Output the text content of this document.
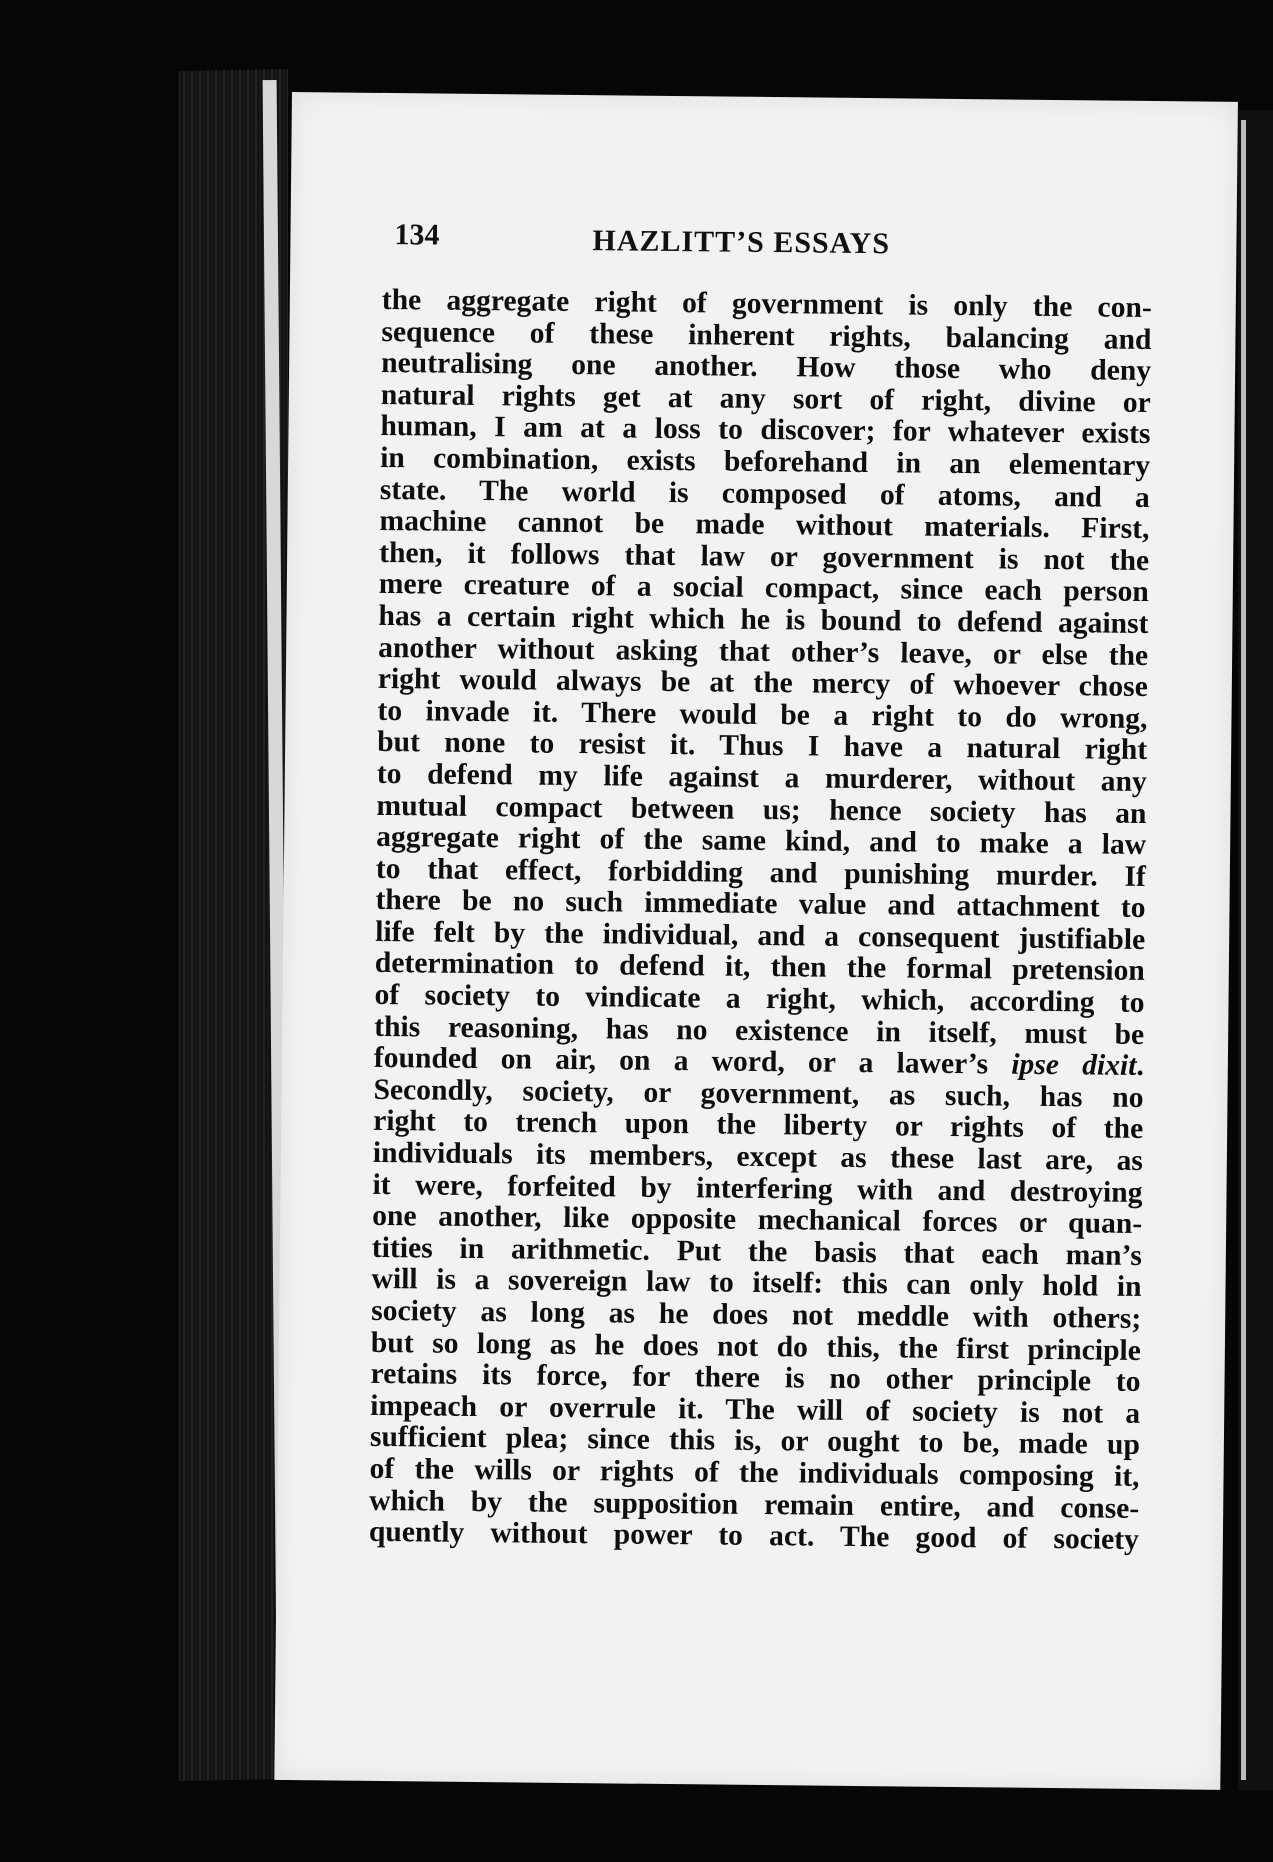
134	HAZLITT’S ESSAYS
the aggregate right of government is only the con-
sequence of these inherent rights, balancing and
neutralising one another. How those who deny
natural rights get at any sort of right, divine or
human, I am at a loss to discover; for whatever exists
in combination, exists beforehand in an elementary
state. The world is composed of atoms, and a
machine cannot be made without materials. First,
then, it follows that law or government is not the
mere creature of a social compact, since each person
has a certain right which he is bound to defend against
another without asking that other’s leave, or else the
right would always be at the mercy of whoever chose
to invade it. There would be a right to do wrong,
but none to resist it. Thus I have a natural right
to defend my life against a murderer, without any
mutual compact between us; hence society has an
aggregate right of the same kind, and to make a law
to that effect, forbidding and punishing murder. If
there be no such immediate value and attachment to
life felt by the individual, and a consequent justifiable
determination to defend it, then the formal pretension
of society to vindicate a right, which, according to
this reasoning, has no existence in itself, must be
founded on air, on a word, or a lawer’s ipse dixit.
Secondly, society, or government, as such, has no
right to trench upon the liberty or rights of the
individuals its members, except as these last are, as
it were, forfeited by interfering with and destroying
one another, like opposite mechanical forces or quan-
tities in arithmetic. Put the basis that each man’s
will is a sovereign law to itself: this can only hold in
society as long as he does not meddle with others;
but so long as he does not do this, the first principle
retains its force, for there is no other principle to
impeach or overrule it. The will of society is not a
sufficient plea; since this is, or ought to be, made up
of the wills or rights of the individuals composing it,
which by the supposition remain entire, and conse-
quently without power to act. The good of society
